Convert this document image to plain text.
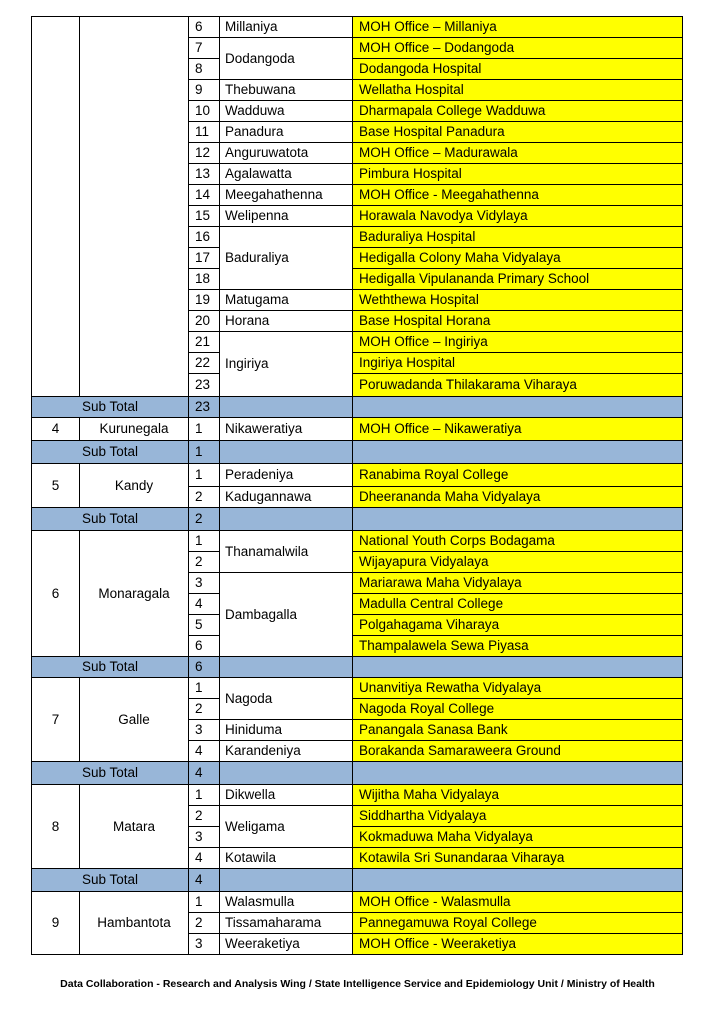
		6	Millaniya	MOH Office – Millaniya
		7	Dodangoda	MOH Office – Dodangoda
		8		Dodangoda Hospital
		9	Thebuwana	Wellatha Hospital
		10	Wadduwa	Dharmapala College Wadduwa
		11	Panadura	Base Hospital Panadura
		12	Anguruwatota	MOH Office – Madurawala
		13	Agalawatta	Pimbura Hospital
		14	Meegahathenna	MOH Office - Meegahathenna
		15	Welipenna	Horawala Navodya Vidylaya
		16	Baduraliya	Baduraliya Hospital
		17		Hedigalla Colony Maha Vidyalaya
		18		Hedigalla Vipulananda Primary School
		19	Matugama	Weththewa Hospital
		20	Horana	Base Hospital Horana
		21	Ingiriya	MOH Office – Ingiriya
		22		Ingiriya Hospital
		23		Poruwadanda Thilakarama Viharaya
Sub Total		23		
4	Kurunegala	1	Nikaweratiya	MOH Office – Nikaweratiya
Sub Total		1		
5	Kandy	1	Peradeniya	Ranabima Royal College
		2	Kadugannawa	Dheerananda Maha Vidyalaya
Sub Total		2		
6	Monaragala	1	Thanamalwila	National Youth Corps Bodagama
		2		Wijayapura Vidyalaya
		3	Dambagalla	Mariarawa Maha Vidyalaya
		4		Madulla Central College
		5		Polgahagama Viharaya
		6		Thampalawela Sewa Piyasa
Sub Total		6		
7	Galle	1	Nagoda	Unanvitiya Rewatha Vidyalaya
		2		Nagoda Royal College
		3	Hiniduma	Panangala Sanasa Bank
		4	Karandeniya	Borakanda Samaraweera Ground
Sub Total		4		
8	Matara	1	Dikwella	Wijitha Maha Vidyalaya
		2	Weligama	Siddhartha Vidyalaya
		3		Kokmaduwa Maha Vidyalaya
		4	Kotawila	Kotawila Sri Sunandaraa Viharaya
Sub Total		4		
9	Hambantota	1	Walasmulla	MOH Office - Walasmulla
		2	Tissamaharama	Pannegamuwa Royal College
		3	Weeraketiya	MOH Office - Weeraketiya
Data Collaboration - Research and Analysis Wing / State Intelligence Service and Epidemiology Unit / Ministry of Health
